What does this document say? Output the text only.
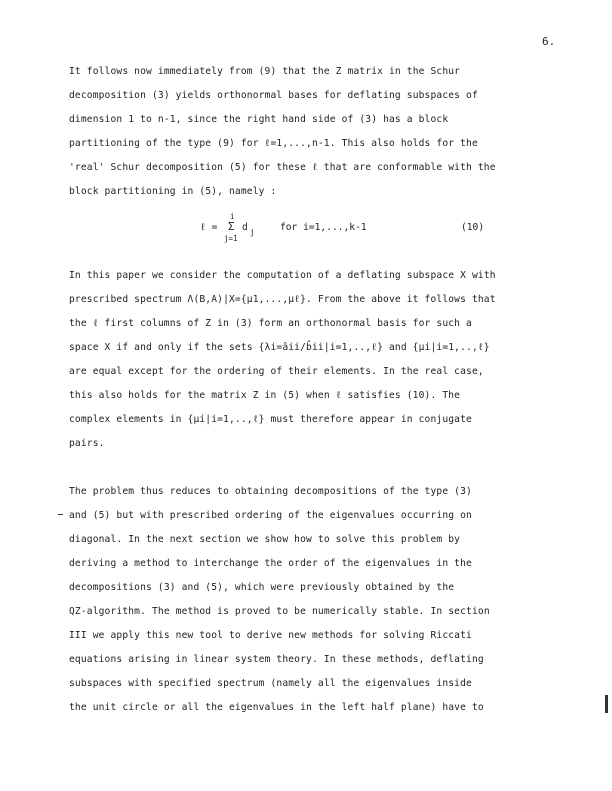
6.
It follows now immediately from (9) that the Z matrix in the Schur
decomposition (3) yields orthonormal bases for deflating subspaces of
dimension 1 to n-1, since the right hand side of (3) has a block
partitioning of the type (9) for ℓ=1,...,n-1. This also holds for the
'real' Schur decomposition (5) for these ℓ that are conformable with the
block partitioning in (5), namely :
ℓ =
i
Σ
j=1
d j	for i=1,...,k-1	(10)
In this paper we consider the computation of a deflating subspace X with
prescribed spectrum Λ(B,A)|X={μ1,...,μℓ}. From the above it follows that
the ℓ first columns of Z in (3) form an orthonormal basis for such a
space X if and only if the sets {λi=âii/b̂ii|i=1,..,ℓ} and {μi|i=1,..,ℓ}
are equal except for the ordering of their elements. In the real case,
this also holds for the matrix Z in (5) when ℓ satisfies (10). The
complex elements in {μi|i=1,..,ℓ} must therefore appear in conjugate
pairs.
The problem thus reduces to obtaining decompositions of the type (3)
and (5) but with prescribed ordering of the eigenvalues occurring on
diagonal. In the next section we show how to solve this problem by
deriving a method to interchange the order of the eigenvalues in the
decompositions (3) and (5), which were previously obtained by the
QZ-algorithm. The method is proved to be numerically stable. In section
III we apply this new tool to derive new methods for solving Riccati
equations arising in linear system theory. In these methods, deflating
subspaces with specified spectrum (namely all the eigenvalues inside
the unit circle or all the eigenvalues in the left half plane) have to
